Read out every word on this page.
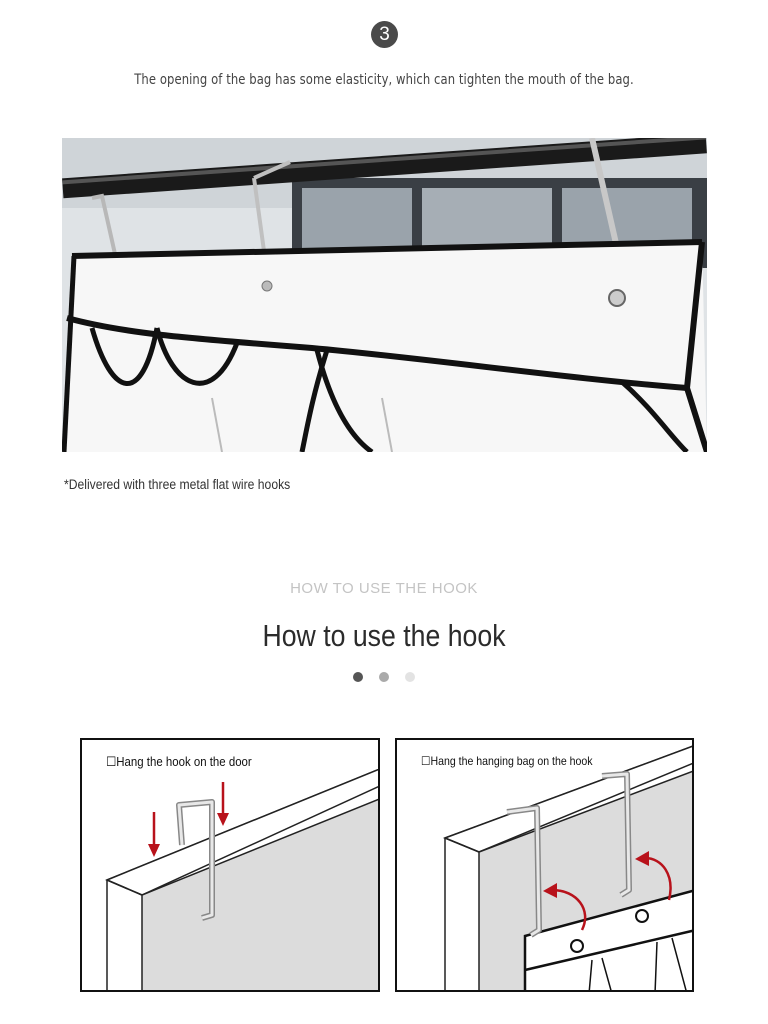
3
The opening of the bag has some elasticity, which can tighten the mouth of the bag.
*Delivered with three metal flat wire hooks
HOW TO USE THE HOOK
How to use the hook

☐Hang the hook on the door	☐Hang the hanging bag on the hook
